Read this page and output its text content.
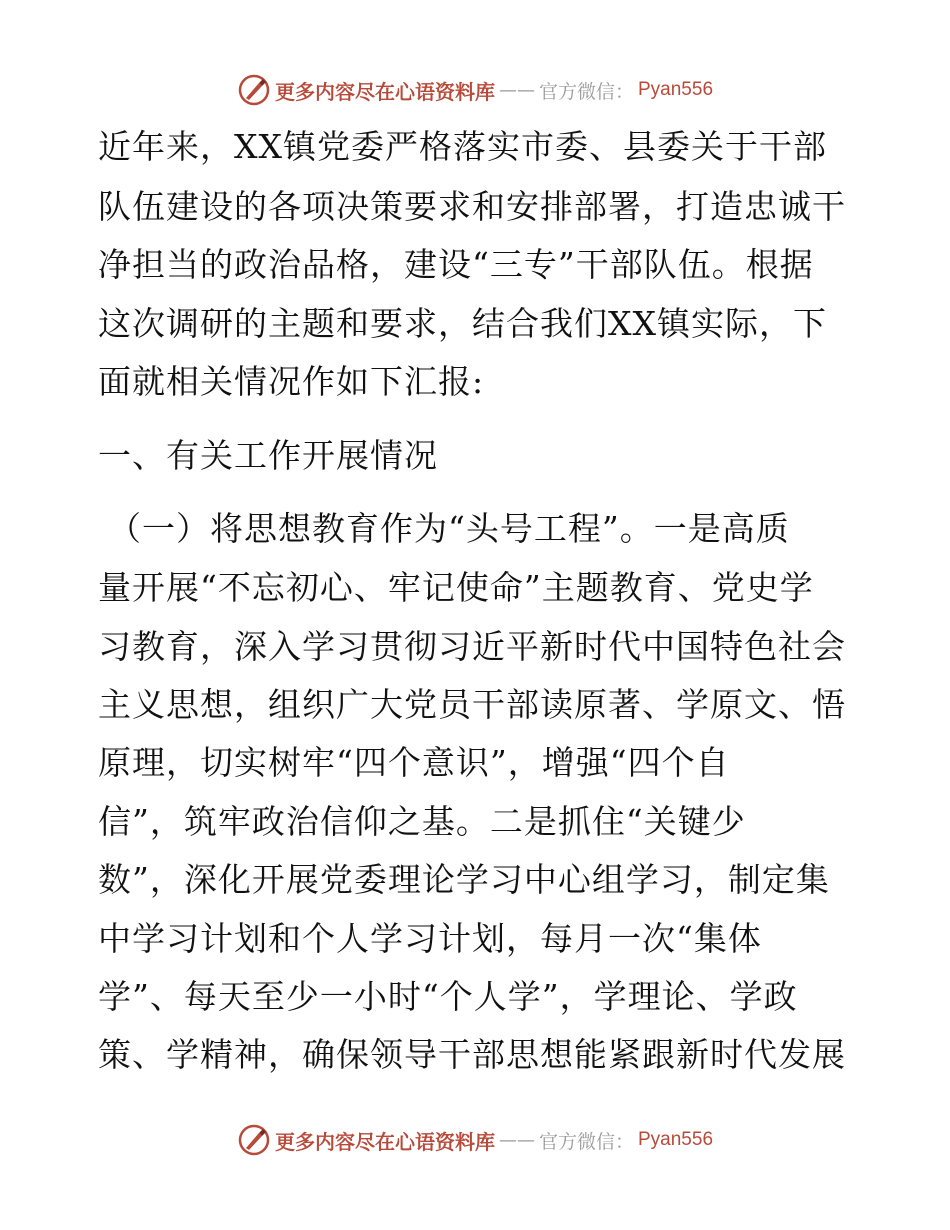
更多内容尽在心语资料库 —— 官方微信： Pyan556
近年来，XX镇党委严格落实市委、县委关于干部
队伍建设的各项决策要求和安排部署，打造忠诚干
净担当的政治品格，建设“三专”干部队伍。根据
这次调研的主题和要求，结合我们XX镇实际，下
面就相关情况作如下汇报:
一、有关工作开展情况
（一）将思想教育作为“头号工程”。一是高质
量开展“不忘初心、牢记使命”主题教育、党史学
习教育，深入学习贯彻习近平新时代中国特色社会
主义思想，组织广大党员干部读原著、学原文、悟
原理，切实树牢“四个意识”，增强“四个自
信”，筑牢政治信仰之基。二是抓住“关键少
数”，深化开展党委理论学习中心组学习，制定集
中学习计划和个人学习计划，每月一次“集体
学”、每天至少一小时“个人学”，学理论、学政
策、学精神，确保领导干部思想能紧跟新时代发展
更多内容尽在心语资料库 —— 官方微信： Pyan556
